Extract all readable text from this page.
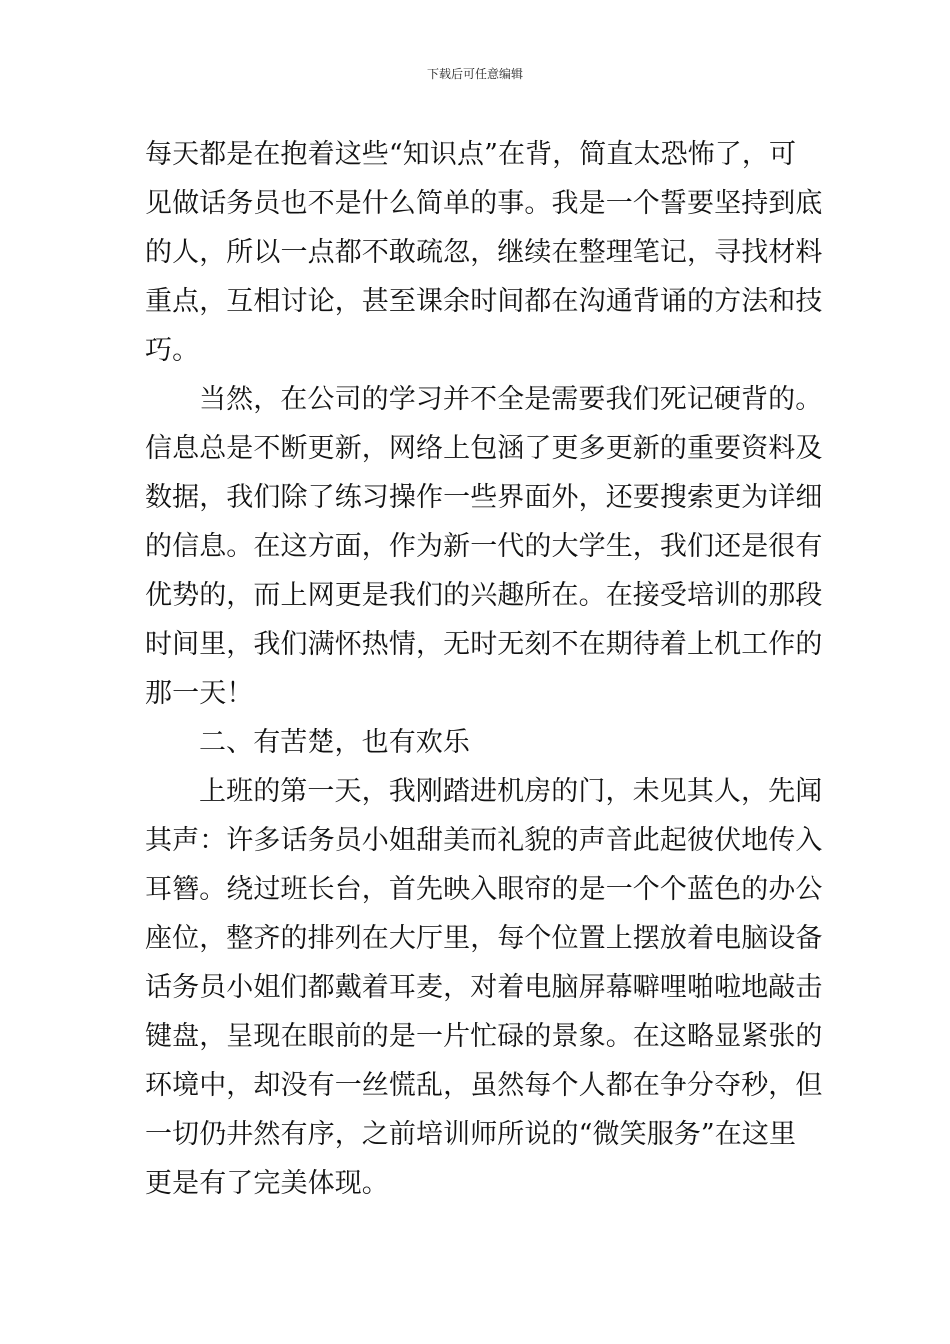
下载后可任意编辑
每天都是在抱着这些“知识点”在背，简直太恐怖了，可
见做话务员也不是什么简单的事。我是一个誓要坚持到底
的人，所以一点都不敢疏忽，继续在整理笔记，寻找材料
重点，互相讨论，甚至课余时间都在沟通背诵的方法和技
巧。
当然，在公司的学习并不全是需要我们死记硬背的。
信息总是不断更新，网络上包涵了更多更新的重要资料及
数据，我们除了练习操作一些界面外，还要搜索更为详细
的信息。在这方面，作为新一代的大学生，我们还是很有
优势的，而上网更是我们的兴趣所在。在接受培训的那段
时间里，我们满怀热情，无时无刻不在期待着上机工作的
那一天！
二、有苦楚，也有欢乐
上班的第一天，我刚踏进机房的门，未见其人，先闻
其声：许多话务员小姐甜美而礼貌的声音此起彼伏地传入
耳簪。绕过班长台，首先映入眼帘的是一个个蓝色的办公
座位，整齐的排列在大厅里，每个位置上摆放着电脑设备
话务员小姐们都戴着耳麦，对着电脑屏幕噼哩啪啦地敲击
键盘，呈现在眼前的是一片忙碌的景象。在这略显紧张的
环境中，却没有一丝慌乱，虽然每个人都在争分夺秒，但
一切仍井然有序，之前培训师所说的“微笑服务”在这里
更是有了完美体现。
